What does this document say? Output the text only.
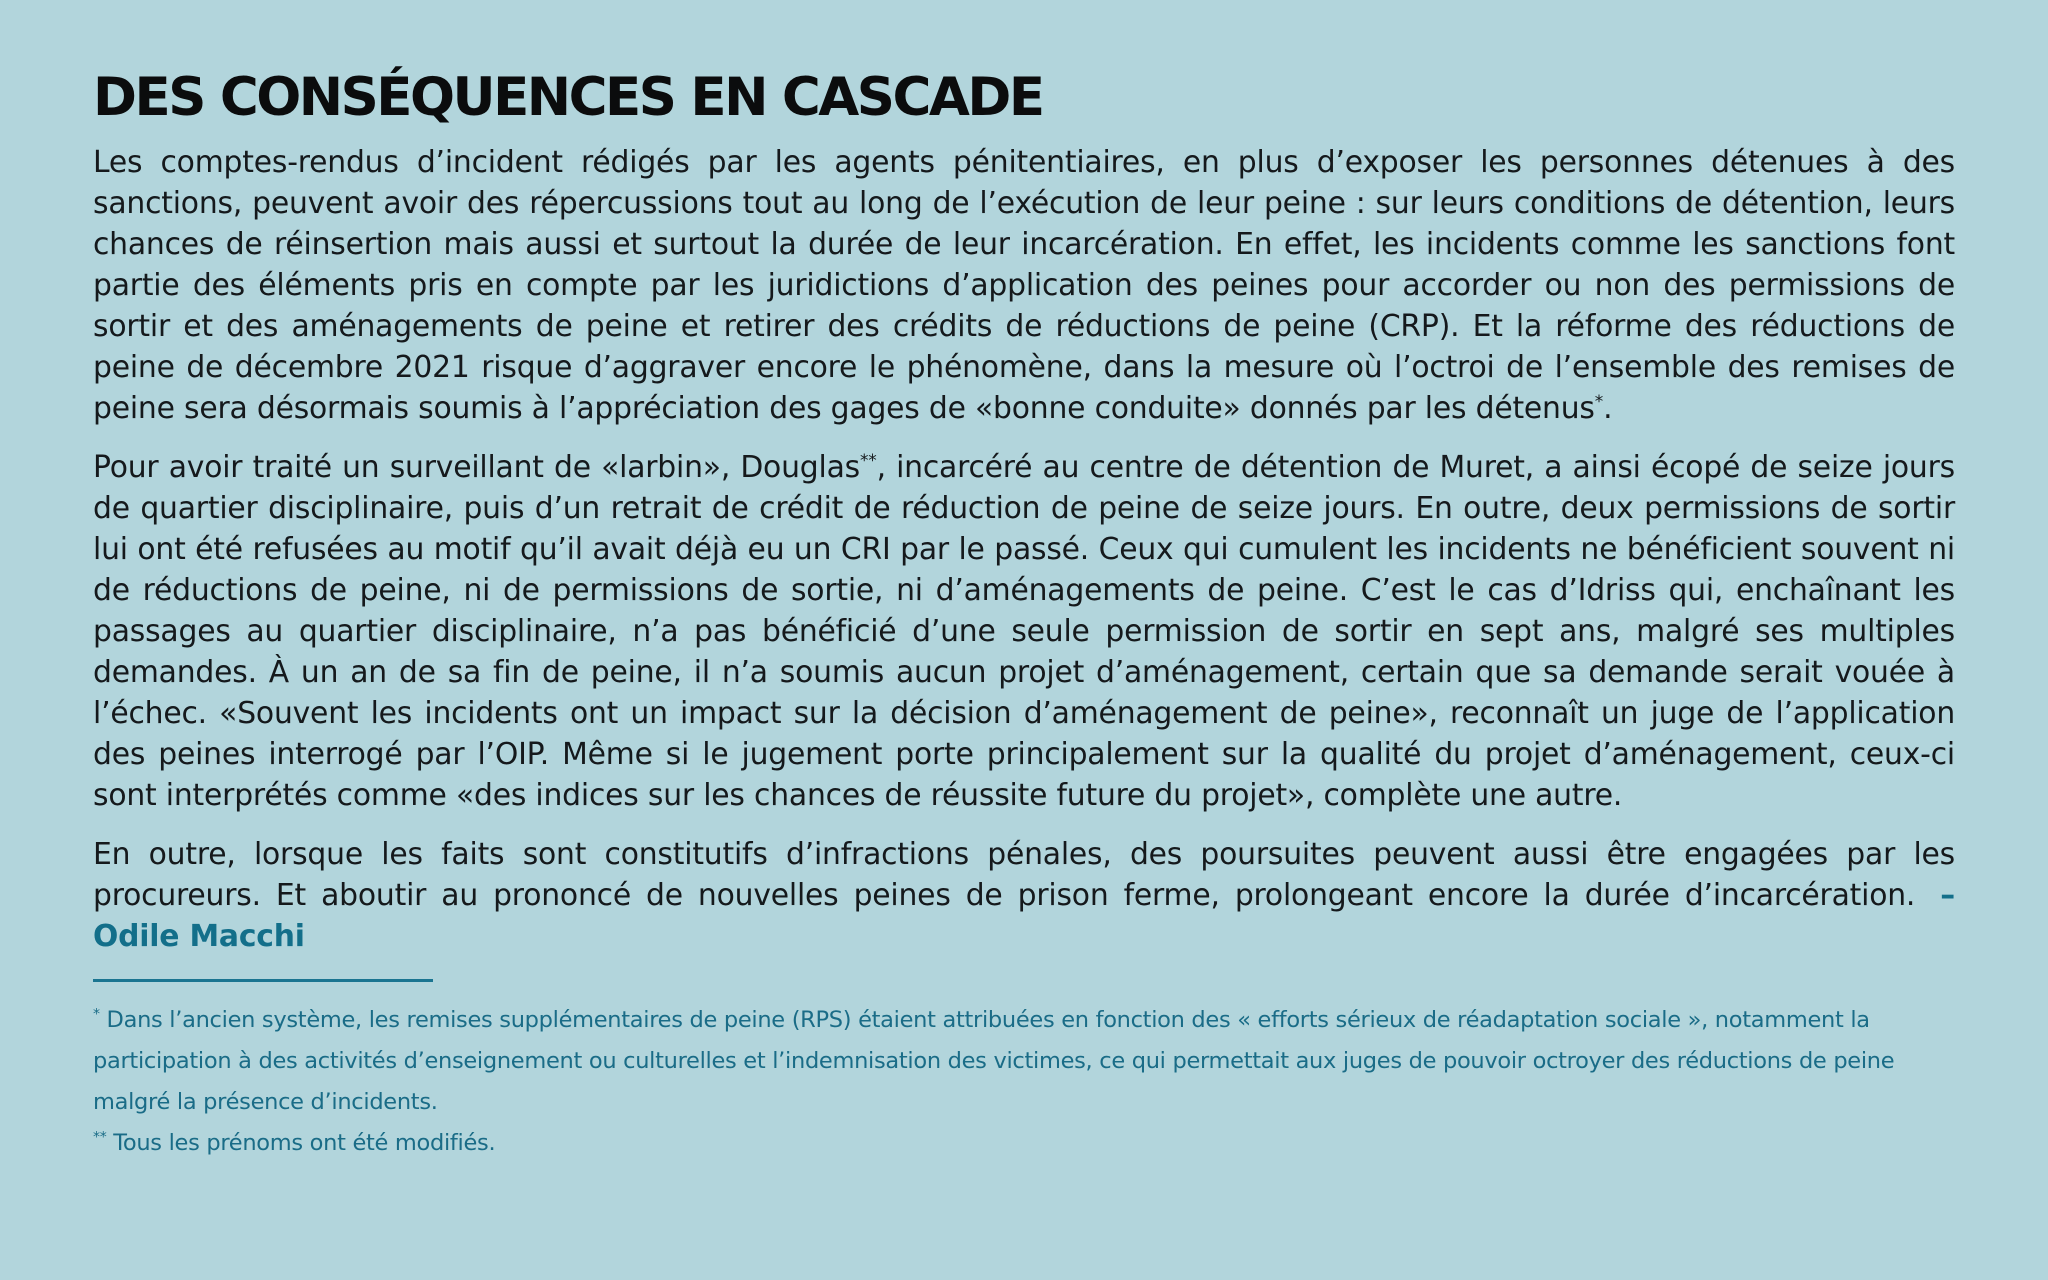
DES CONSÉQUENCES EN CASCADE

Les comptes-rendus d’incident rédigés par les agents pénitentiaires, en plus d’exposer les personnes détenues à des sanctions, peuvent avoir des répercussions tout au long de l’exécution de leur peine : sur leurs conditions de détention, leurs chances de réinsertion mais aussi et surtout la durée de leur incarcération. En effet, les incidents comme les sanctions font partie des éléments pris en compte par les juridictions d’application des peines pour accorder ou non des permissions de sortir et des aménagements de peine et retirer des crédits de réductions de peine (CRP). Et la réforme des réductions de peine de décembre 2021 risque d’aggraver encore le phénomène, dans la mesure où l’octroi de l’ensemble des remises de peine sera désormais soumis à l’appréciation des gages de «bonne conduite» donnés par les détenus*.

Pour avoir traité un surveillant de «larbin», Douglas**, incarcéré au centre de détention de Muret, a ainsi écopé de seize jours de quartier disciplinaire, puis d’un retrait de crédit de réduction de peine de seize jours. En outre, deux permissions de sortir lui ont été refusées au motif qu’il avait déjà eu un CRI par le passé. Ceux qui cumulent les incidents ne bénéficient souvent ni de réductions de peine, ni de permissions de sortie, ni d’aménagements de peine. C’est le cas d’Idriss qui, enchaînant les passages au quartier disciplinaire, n’a pas bénéficié d’une seule permission de sortir en sept ans, malgré ses multiples demandes. À un an de sa fin de peine, il n’a soumis aucun projet d’aménagement, certain que sa demande serait vouée à l’échec. «Souvent les incidents ont un impact sur la décision d’aménagement de peine», reconnaît un juge de l’application des peines interrogé par l’OIP. Même si le jugement porte principalement sur la qualité du projet d’aménagement, ceux-ci sont interprétés comme «des indices sur les chances de réussite future du projet», complète une autre.

En outre, lorsque les faits sont constitutifs d’infractions pénales, des poursuites peuvent aussi être engagées par les procureurs. Et aboutir au prononcé de nouvelles peines de prison ferme, prolongeant encore la durée d’incarcération. – Odile Macchi

* Dans l’ancien système, les remises supplémentaires de peine (RPS) étaient attribuées en fonction des « efforts sérieux de réadaptation sociale », notamment la participation à des activités d’enseignement ou culturelles et l’indemnisation des victimes, ce qui permettait aux juges de pouvoir octroyer des réductions de peine malgré la présence d’incidents.

** Tous les prénoms ont été modifiés.
